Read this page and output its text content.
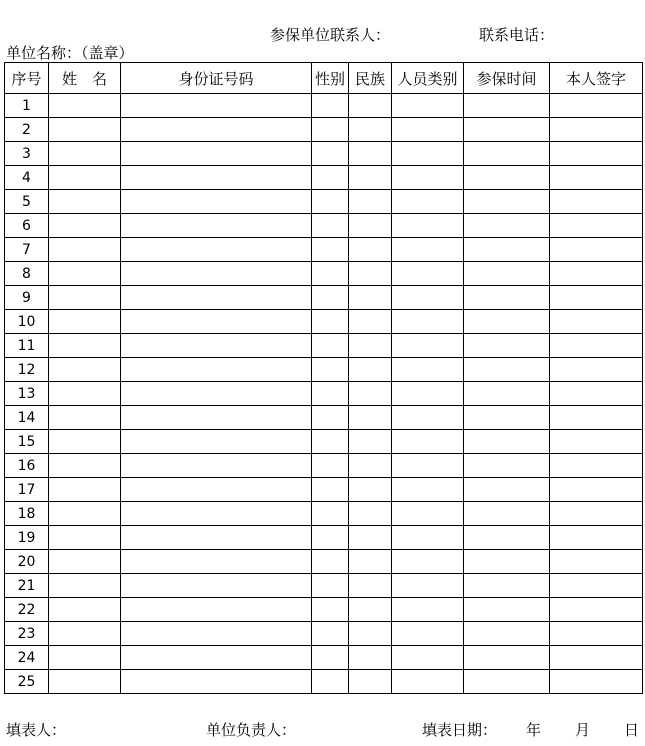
参保单位联系人：	联系电话：
单位名称：（盖章）
序号	姓　名	身份证号码	性别	民族	人员类别	参保时间	本人签字
1							
2							
3							
4							
5							
6							
7							
8							
9							
10							
11							
12							
13							
14							
15							
16							
17							
18							
19							
20							
21							
22							
23							
24							
25							
填表人：	单位负责人：	填表日期： 年 月 日
